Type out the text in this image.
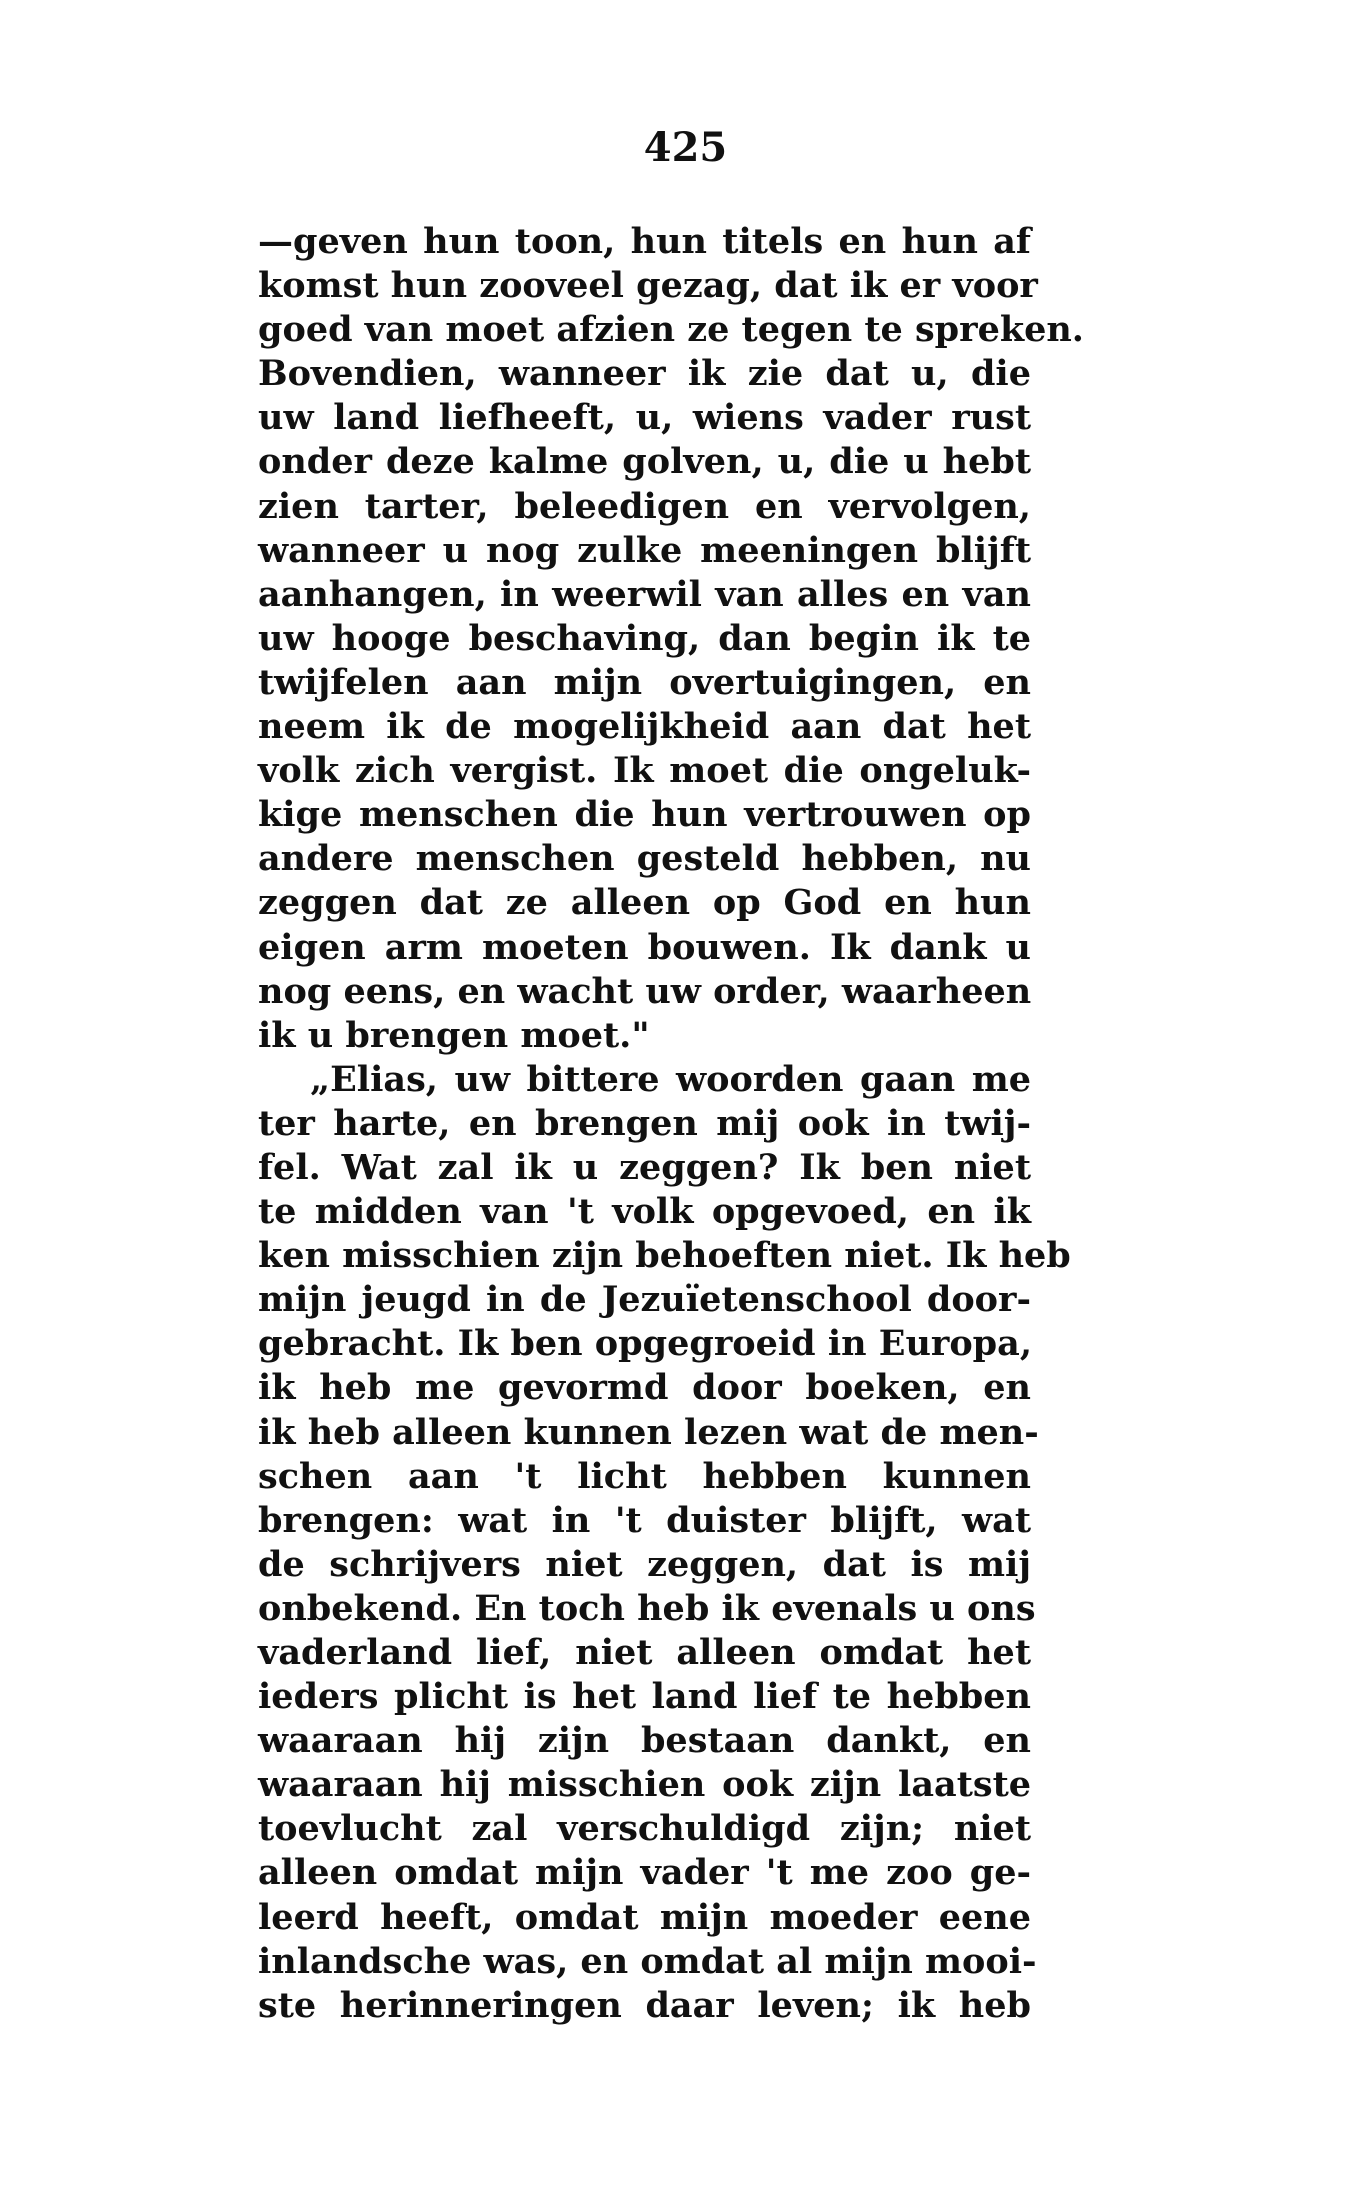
425
—geven hun toon, hun titels en hun af
komst hun zooveel gezag, dat ik er voor
goed van moet afzien ze tegen te spreken.
Bovendien, wanneer ik zie dat u, die
uw land liefheeft, u, wiens vader rust
onder deze kalme golven, u, die u hebt
zien tarter, beleedigen en vervolgen,
wanneer u nog zulke meeningen blijft
aanhangen, in weerwil van alles en van
uw hooge beschaving, dan begin ik te
twijfelen aan mijn overtuigingen, en
neem ik de mogelijkheid aan dat het
volk zich vergist. Ik moet die ongeluk-
kige menschen die hun vertrouwen op
andere menschen gesteld hebben, nu
zeggen dat ze alleen op God en hun
eigen arm moeten bouwen. Ik dank u
nog eens, en wacht uw order, waarheen
ik u brengen moet."
„Elias, uw bittere woorden gaan me
ter harte, en brengen mij ook in twij-
fel. Wat zal ik u zeggen? Ik ben niet
te midden van 't volk opgevoed, en ik
ken misschien zijn behoeften niet. Ik heb
mijn jeugd in de Jezuïetenschool door-
gebracht. Ik ben opgegroeid in Europa,
ik heb me gevormd door boeken, en
ik heb alleen kunnen lezen wat de men-
schen aan 't licht hebben kunnen
brengen: wat in 't duister blijft, wat
de schrijvers niet zeggen, dat is mij
onbekend. En toch heb ik evenals u ons
vaderland lief, niet alleen omdat het
ieders plicht is het land lief te hebben
waaraan hij zijn bestaan dankt, en
waaraan hij misschien ook zijn laatste
toevlucht zal verschuldigd zijn; niet
alleen omdat mijn vader 't me zoo ge-
leerd heeft, omdat mijn moeder eene
inlandsche was, en omdat al mijn mooi-
ste herinneringen daar leven; ik heb
